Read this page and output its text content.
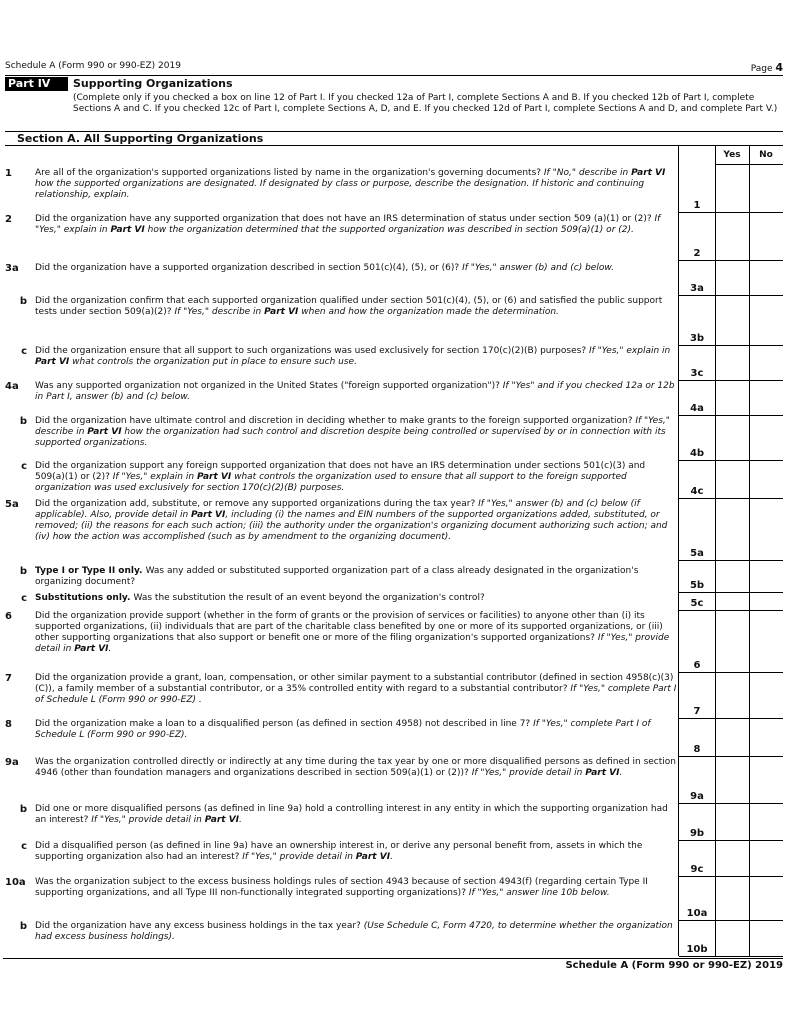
Schedule A (Form 990 or 990-EZ) 2019	Page 4
Part IV	Supporting Organizations
(Complete only if you checked a box on line 12 of Part I. If you checked 12a of Part I, complete Sections A and B. If you checked 12b of Part I, complete Sections A and C. If you checked 12c of Part I, complete Sections A, D, and E. If you checked 12d of Part I, complete Sections A and D, and complete Part V.)
Section A. All Supporting Organizations
Yes	No
1
2
3a
3b
3c
4a
4b
4c
5a
5b
5c
6
7
8
9a
9b
9c
10a
10b
1	Are all of the organization's supported organizations listed by name in the organization's governing documents? If "No," describe in Part VI how the supported organizations are designated. If designated by class or purpose, describe the designation. If historic and continuing relationship, explain.
2	Did the organization have any supported organization that does not have an IRS determination of status under section 509 (a)(1) or (2)? If "Yes," explain in Part VI how the organization determined that the supported organization was described in section 509(a)(1) or (2).
3a	Did the organization have a supported organization described in section 501(c)(4), (5), or (6)? If "Yes," answer (b) and (c) below.
b Did the organization confirm that each supported organization qualified under section 501(c)(4), (5), or (6) and satisfied the public support tests under section 509(a)(2)? If "Yes," describe in Part VI when and how the organization made the determination.
c Did the organization ensure that all support to such organizations was used exclusively for section 170(c)(2)(B) purposes? If "Yes," explain in Part VI what controls the organization put in place to ensure such use.
4a	Was any supported organization not organized in the United States ("foreign supported organization")? If "Yes" and if you checked 12a or 12b in Part I, answer (b) and (c) below.
b Did the organization have ultimate control and discretion in deciding whether to make grants to the foreign supported organization? If "Yes," describe in Part VI how the organization had such control and discretion despite being controlled or supervised by or in connection with its supported organizations.
c Did the organization support any foreign supported organization that does not have an IRS determination under sections 501(c)(3) and 509(a)(1) or (2)? If "Yes," explain in Part VI what controls the organization used to ensure that all support to the foreign supported organization was used exclusively for section 170(c)(2)(B) purposes.
5a	Did the organization add, substitute, or remove any supported organizations during the tax year? If "Yes," answer (b) and (c) below (if applicable). Also, provide detail in Part VI, including (i) the names and EIN numbers of the supported organizations added, substituted, or removed; (ii) the reasons for each such action; (iii) the authority under the organization's organizing document authorizing such action; and (iv) how the action was accomplished (such as by amendment to the organizing document).
b Type I or Type II only. Was any added or substituted supported organization part of a class already designated in the organization's organizing document?
c Substitutions only. Was the substitution the result of an event beyond the organization's control?
6	Did the organization provide support (whether in the form of grants or the provision of services or facilities) to anyone other than (i) its supported organizations, (ii) individuals that are part of the charitable class benefited by one or more of its supported organizations, or (iii) other supporting organizations that also support or benefit one or more of the filing organization's supported organizations? If "Yes," provide detail in Part VI.
7	Did the organization provide a grant, loan, compensation, or other similar payment to a substantial contributor (defined in section 4958(c)(3)(C)), a family member of a substantial contributor, or a 35% controlled entity with regard to a substantial contributor? If "Yes," complete Part I of Schedule L (Form 990 or 990-EZ) .
8	Did the organization make a loan to a disqualified person (as defined in section 4958) not described in line 7? If "Yes," complete Part I of Schedule L (Form 990 or 990-EZ).
9a	Was the organization controlled directly or indirectly at any time during the tax year by one or more disqualified persons as defined in section 4946 (other than foundation managers and organizations described in section 509(a)(1) or (2))? If "Yes," provide detail in Part VI.
b Did one or more disqualified persons (as defined in line 9a) hold a controlling interest in any entity in which the supporting organization had an interest? If "Yes," provide detail in Part VI.
c Did a disqualified person (as defined in line 9a) have an ownership interest in, or derive any personal benefit from, assets in which the supporting organization also had an interest? If "Yes," provide detail in Part VI.
10a Was the organization subject to the excess business holdings rules of section 4943 because of section 4943(f) (regarding certain Type II supporting organizations, and all Type III non-functionally integrated supporting organizations)? If "Yes," answer line 10b below.
b Did the organization have any excess business holdings in the tax year? (Use Schedule C, Form 4720, to determine whether the organization had excess business holdings).
Schedule A (Form 990 or 990-EZ) 2019
